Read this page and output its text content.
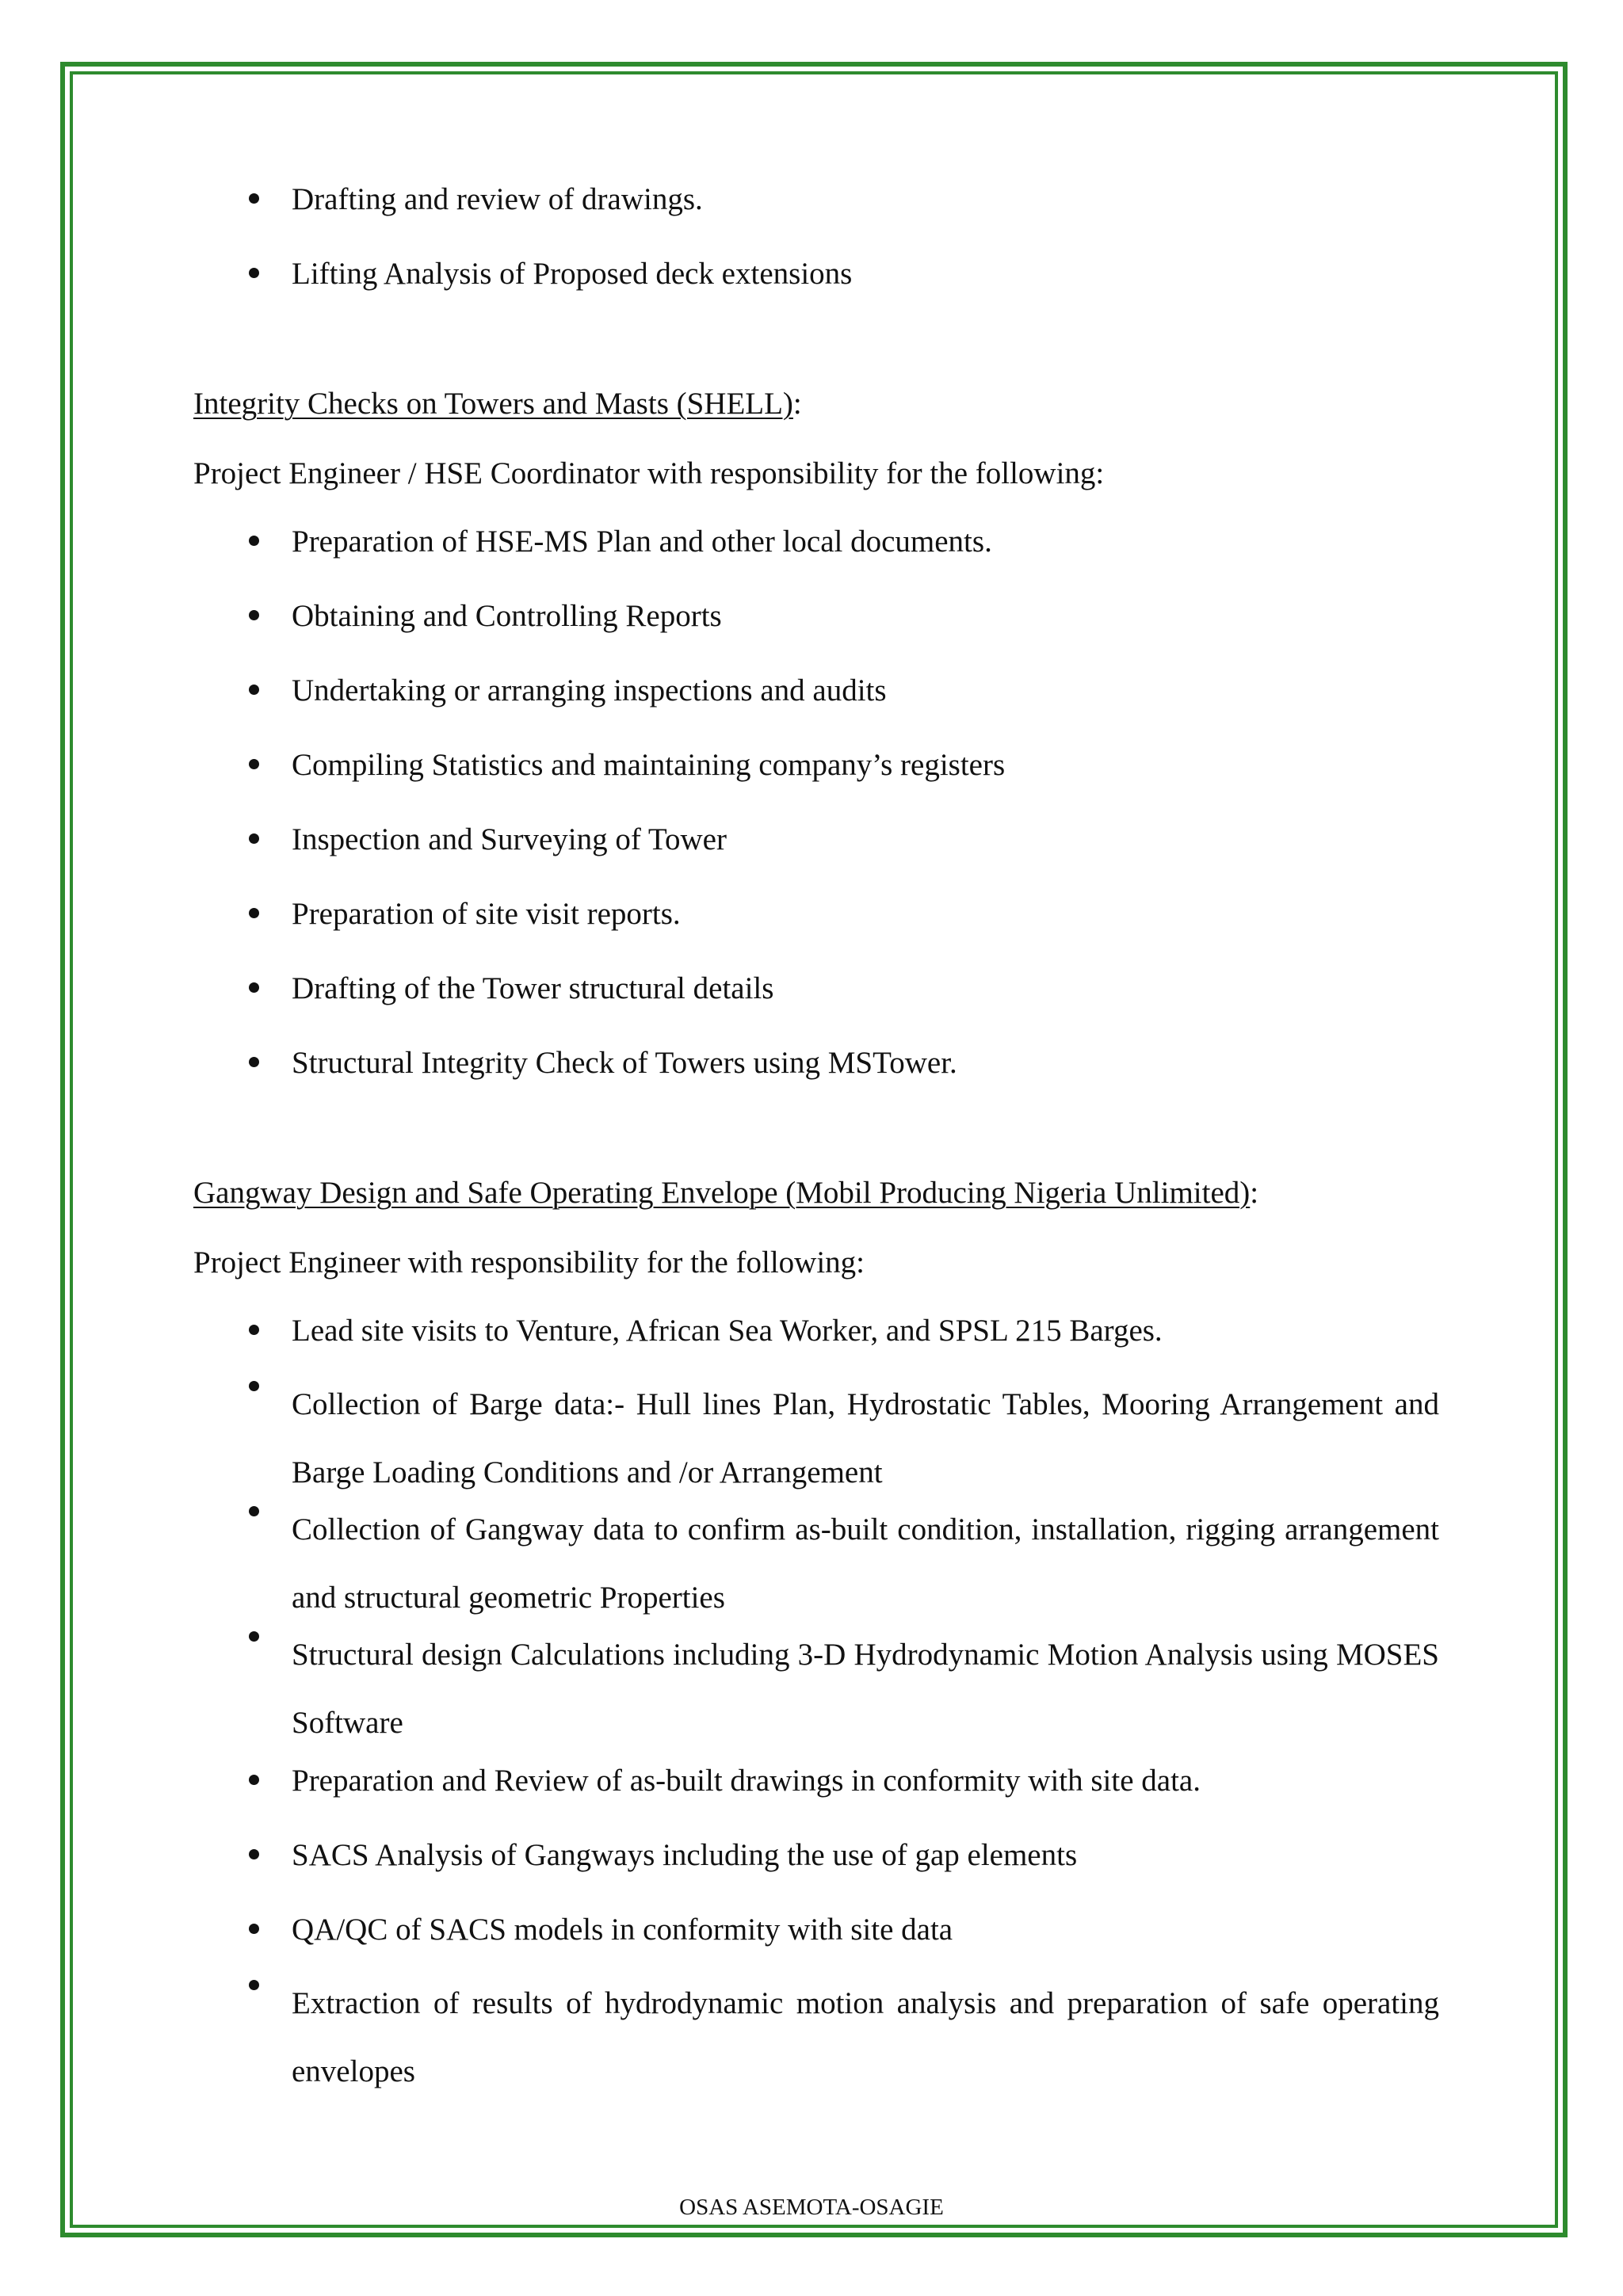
Drafting and review of drawings.
Lifting Analysis of Proposed deck extensions

Integrity Checks on Towers and Masts (SHELL):

Project Engineer / HSE Coordinator with responsibility for the following:

Preparation of HSE-MS Plan and other local documents.
Obtaining and Controlling Reports
Undertaking or arranging inspections and audits
Compiling Statistics and maintaining company’s registers
Inspection and Surveying of Tower
Preparation of site visit reports.
Drafting of the Tower structural details
Structural Integrity Check of Towers using MSTower.

Gangway Design and Safe Operating Envelope (Mobil Producing Nigeria Unlimited):

Project Engineer with responsibility for the following:

Lead site visits to Venture, African Sea Worker, and SPSL 215 Barges.
Collection of Barge data:- Hull lines Plan, Hydrostatic Tables, Mooring Arrangement and Barge Loading Conditions and /or Arrangement
Collection of Gangway data to confirm as-built condition, installation, rigging arrangement and structural geometric Properties
Structural design Calculations including 3-D Hydrodynamic Motion Analysis using MOSES Software
Preparation and Review of as-built drawings in conformity with site data.
SACS Analysis of Gangways including the use of gap elements
QA/QC of SACS models in conformity with site data
Extraction of results of hydrodynamic motion analysis and preparation of safe operating envelopes
OSAS ASEMOTA-OSAGIE
